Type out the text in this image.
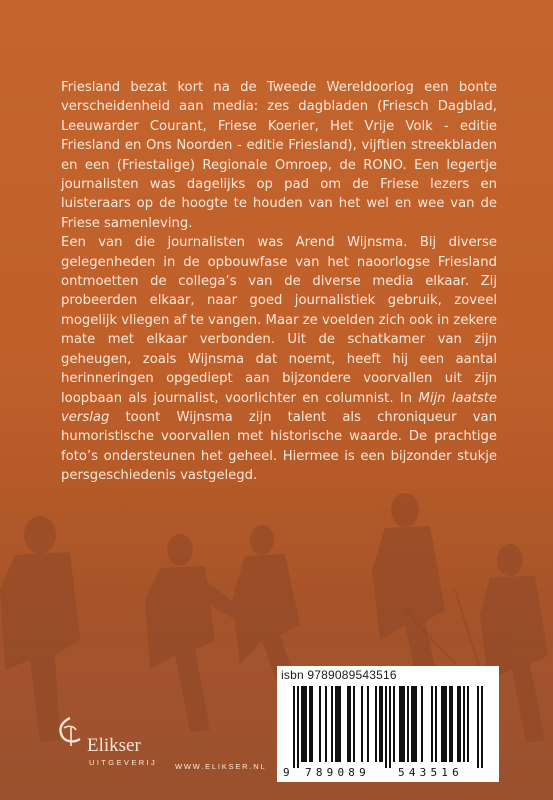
Friesland bezat kort na de Tweede Wereldoorlog een bonte verscheidenheid aan media: zes dagbladen (Friesch Dagblad, Leeuwarder Courant, Friese Koerier, Het Vrije Volk - editie Friesland en Ons Noorden - editie Friesland), vijftien streekbladen en een (Friestalige) Regionale Omroep, de RONO. Een legertje journalisten was dagelijks op pad om de Friese lezers en luisteraars op de hoogte te houden van het wel en wee van de Friese samenleving.

Een van die journalisten was Arend Wijnsma. Bij diverse gelegenheden in de opbouwfase van het naoorlogse Friesland ontmoetten de collega’s van de diverse media elkaar. Zij probeerden elkaar, naar goed journalistiek gebruik, zoveel mogelijk vliegen af te vangen. Maar ze voelden zich ook in zekere mate met elkaar verbonden. Uit de schatkamer van zijn geheugen, zoals Wijnsma dat noemt, heeft hij een aantal herinneringen opgediept aan bijzondere voorvallen uit zijn loopbaan als journalist, voorlichter en columnist. In Mijn laatste verslag toont Wijnsma zijn talent als chroniqueur van humoristische voorvallen met historische waarde. De prachtige foto’s ondersteunen het geheel. Hiermee is een bijzonder stukje persgeschiedenis vastgelegd.

Elikser
UITGEVERIJ WWW.ELIKSER.NL
isbn 9789089543516
9 789089	543516
